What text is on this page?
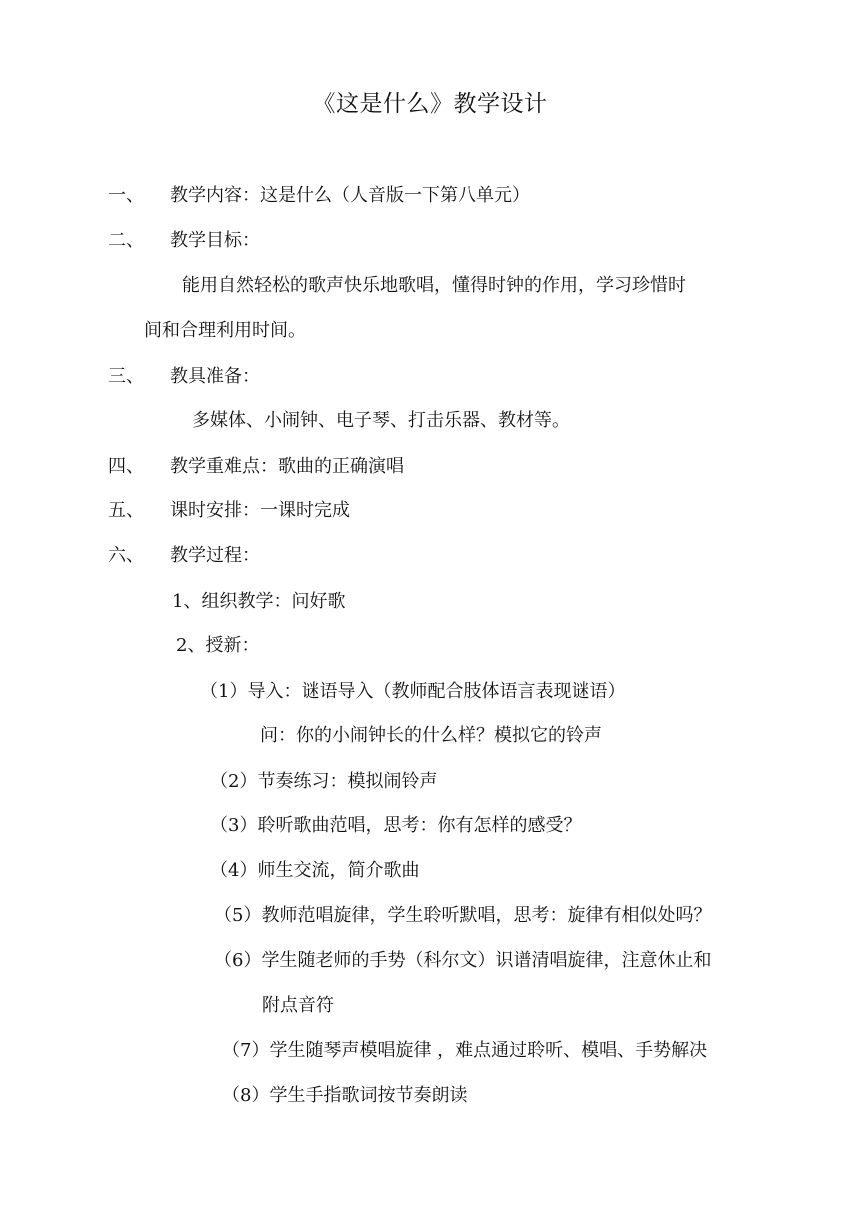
《这是什么》教学设计
一、 教学内容：这是什么（人音版一下第八单元）
二、 教学目标：
能用自然轻松的歌声快乐地歌唱，懂得时钟的作用，学习珍惜时
间和合理利用时间。
三、 教具准备：
多媒体、小闹钟、电子琴、打击乐器、教材等。
四、 教学重难点：歌曲的正确演唱
五、 课时安排：一课时完成
六、 教学过程：
1、组织教学：问好歌
2、授新：
（1）导入：谜语导入（教师配合肢体语言表现谜语）
问：你的小闹钟长的什么样？模拟它的铃声
（2）节奏练习：模拟闹铃声
（3）聆听歌曲范唱，思考：你有怎样的感受？
（4）师生交流，简介歌曲
（5）教师范唱旋律，学生聆听默唱，思考：旋律有相似处吗？
（6）学生随老师的手势（科尔文）识谱清唱旋律，注意休止和
附点音符
（7）学生随琴声模唱旋律 ，难点通过聆听、模唱、手势解决
（8）学生手指歌词按节奏朗读
